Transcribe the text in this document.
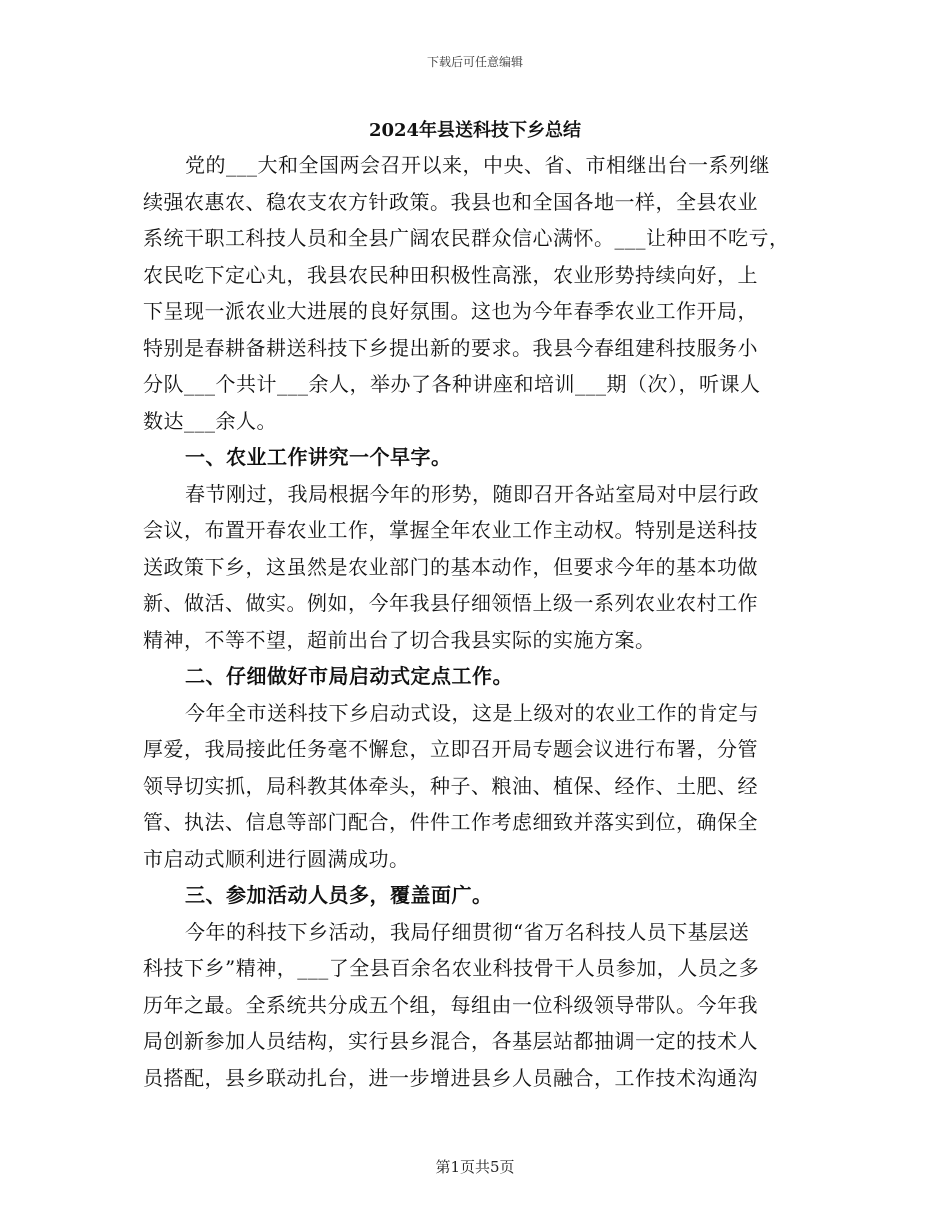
下载后可任意编辑
2024年县送科技下乡总结
党的___大和全国两会召开以来，中央、省、市相继出台一系列继
续强农惠农、稳农支农方针政策。我县也和全国各地一样，全县农业
系统干职工科技人员和全县广阔农民群众信心满怀。___让种田不吃亏，
农民吃下定心丸，我县农民种田积极性高涨，农业形势持续向好，上
下呈现一派农业大进展的良好氛围。这也为今年春季农业工作开局，
特别是春耕备耕送科技下乡提出新的要求。我县今春组建科技服务小
分队___个共计___余人，举办了各种讲座和培训___期（次），听课人
数达___余人。
一、农业工作讲究一个早字。
春节刚过，我局根据今年的形势，随即召开各站室局对中层行政
会议，布置开春农业工作，掌握全年农业工作主动权。特别是送科技
送政策下乡，这虽然是农业部门的基本动作，但要求今年的基本功做
新、做活、做实。例如，今年我县仔细领悟上级一系列农业农村工作
精神，不等不望，超前出台了切合我县实际的实施方案。
二、仔细做好市局启动式定点工作。
今年全市送科技下乡启动式设，这是上级对的农业工作的肯定与
厚爱，我局接此任务毫不懈怠，立即召开局专题会议进行布署，分管
领导切实抓，局科教其体牵头，种子、粮油、植保、经作、土肥、经
管、执法、信息等部门配合，件件工作考虑细致并落实到位，确保全
市启动式顺利进行圆满成功。
三、参加活动人员多，覆盖面广。
今年的科技下乡活动，我局仔细贯彻“省万名科技人员下基层送
科技下乡”精神，___了全县百余名农业科技骨干人员参加，人员之多
历年之最。全系统共分成五个组，每组由一位科级领导带队。今年我
局创新参加人员结构，实行县乡混合，各基层站都抽调一定的技术人
员搭配，县乡联动扎台，进一步增进县乡人员融合，工作技术沟通沟
第1页共5页
